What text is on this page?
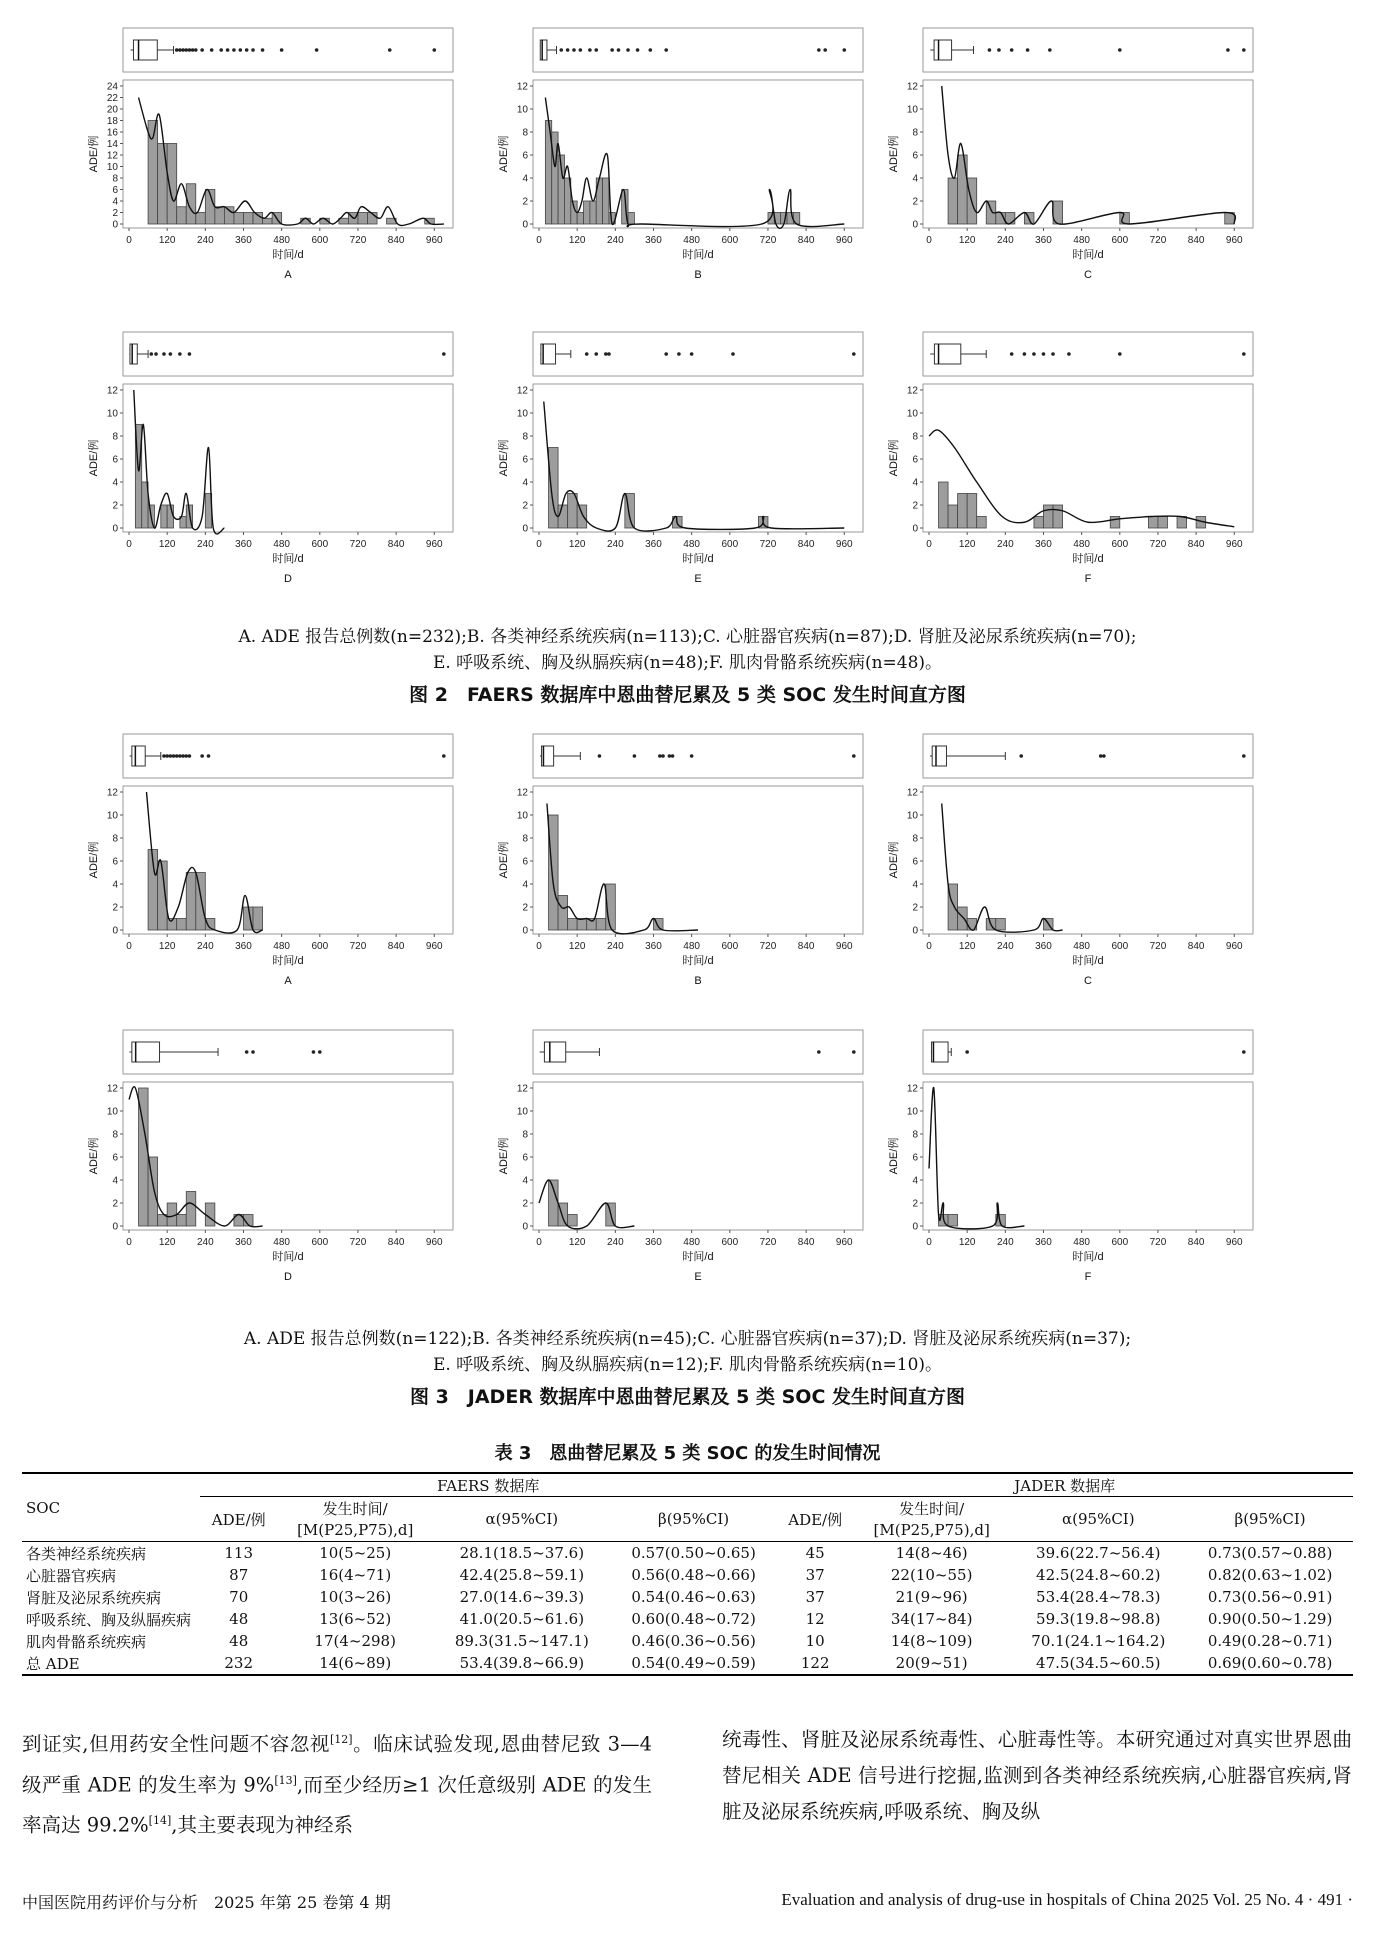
0
2
4
6
8
10
12
14
16
18
20
22
24
0	120 240 360 480 600 720 840 960
ADE/例
时间/d
A
0
2
4
6
8
10
12
0	120 240 360 480 600 720 840 960
ADE/例
时间/d
B
0
2
4
6
8
10
12
0	120 240 360 480 600 720 840 960
ADE/例
时间/d
C
0
2
4
6
8
10
12
0	120 240 360 480 600 720 840 960
ADE/例
时间/d
D
0
2
4
6
8
10
12
0	120 240 360 480 600 720 840 960
ADE/例
时间/d
E
0
2
4
6
8
10
12
0	120 240 360 480 600 720 840 960
ADE/例
时间/d
F
A. ADE 报告总例数(n=232);B. 各类神经系统疾病(n=113);C. 心脏器官疾病(n=87);D. 肾脏及泌尿系统疾病(n=70);
E. 呼吸系统、胸及纵膈疾病(n=48);F. 肌肉骨骼系统疾病(n=48)。
图 2　FAERS 数据库中恩曲替尼累及 5 类 SOC 发生时间直方图
0
2
4
6
8
10
12
0	120 240 360 480 600 720 840 960
ADE/例
时间/d
A
0
2
4
6
8
10
12
0	120 240 360 480 600 720 840 960
ADE/例
时间/d
B
0
2
4
6
8
10
12
0	120 240 360 480 600 720 840 960
ADE/例
时间/d
C
0
2
4
6
8
10
12
0	120 240 360 480 600 720 840 960
ADE/例
时间/d
D
0
2
4
6
8
10
12
0	120 240 360 480 600 720 840 960
ADE/例
时间/d
E
0
2
4
6
8
10
12
0	120 240 360 480 600 720 840 960
ADE/例
时间/d
F
A. ADE 报告总例数(n=122);B. 各类神经系统疾病(n=45);C. 心脏器官疾病(n=37);D. 肾脏及泌尿系统疾病(n=37);
E. 呼吸系统、胸及纵膈疾病(n=12);F. 肌肉骨骼系统疾病(n=10)。
图 3　JADER 数据库中恩曲替尼累及 5 类 SOC 发生时间直方图
表 3　恩曲替尼累及 5 类 SOC 的发生时间情况
SOC	FAERS 数据库				JADER 数据库			
	ADE/例	发生时间/	α(95%CI)	β(95%CI)	ADE/例	发生时间/	α(95%CI)	β(95%CI)
		[M(P25,P75),d]				[M(P25,P75),d]		
各类神经系统疾病	113	10(5~25)	28.1(18.5~37.6)	0.57(0.50~0.65)	45	14(8~46)	39.6(22.7~56.4)	0.73(0.57~0.88)
心脏器官疾病	87	16(4~71)	42.4(25.8~59.1)	0.56(0.48~0.66)	37	22(10~55)	42.5(24.8~60.2)	0.82(0.63~1.02)
肾脏及泌尿系统疾病	70	10(3~26)	27.0(14.6~39.3)	0.54(0.46~0.63)	37	21(9~96)	53.4(28.4~78.3)	0.73(0.56~0.91)
呼吸系统、胸及纵膈疾病	48	13(6~52)	41.0(20.5~61.6)	0.60(0.48~0.72)	12	34(17~84)	59.3(19.8~98.8)	0.90(0.50~1.29)
肌肉骨骼系统疾病	48	17(4~298)	89.3(31.5~147.1)	0.46(0.36~0.56)	10	14(8~109)	70.1(24.1~164.2)	0.49(0.28~0.71)
总 ADE	232	14(6~89)	53.4(39.8~66.9)	0.54(0.49~0.59)	122	20(9~51)	47.5(34.5~60.5)	0.69(0.60~0.78)
到证实,但用药安全性问题不容忽视[12]。临床试验发现,恩曲替尼致 3—4 级严重 ADE 的发生率为 9%[13],而至少经历≥1 次任意级别 ADE 的发生率高达 99.2%[14],其主要表现为神经系
统毒性、肾脏及泌尿系统毒性、心脏毒性等。本研究通过对真实世界恩曲替尼相关 ADE 信号进行挖掘,监测到各类神经系统疾病,心脏器官疾病,肾脏及泌尿系统疾病,呼吸系统、胸及纵
中国医院用药评价与分析　2025 年第 25 卷第 4 期	Evaluation and analysis of drug-use in hospitals of China 2025 Vol. 25 No. 4 · 491 ·
